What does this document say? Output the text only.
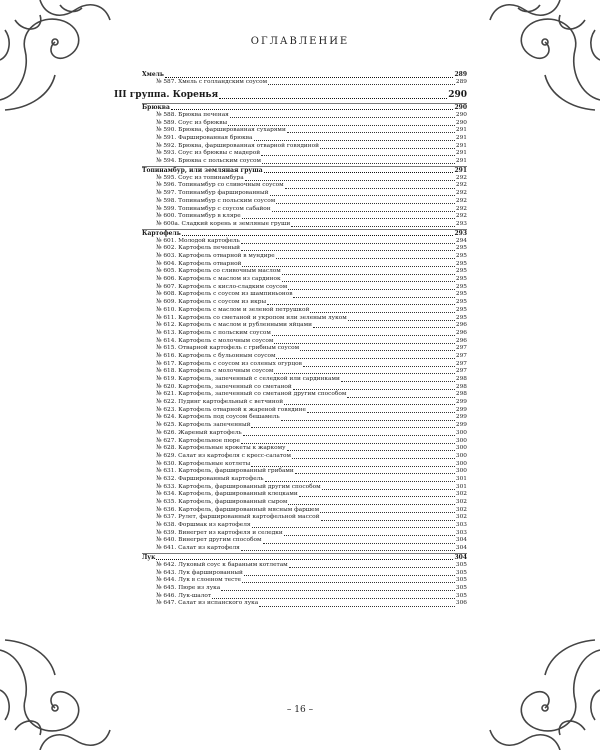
ОГЛАВЛЕНИЕ
Хмель	289
№ 587. Хмель с голландским соусом	289
III группа. Коренья	290
Брюква	290
№ 588. Брюква печеная	290
№ 589. Соус из брюквы	290
№ 590. Брюква, фаршированная сухарями	291
№ 591. Фаршированная брюква	291
№ 592. Брюква, фаршированная отварной говядиной	291
№ 593. Соус из брюквы с мадерой	291
№ 594. Брюква с польским соусом	291
Топинамбур, или земляная груша	291
№ 595. Соус из топинамбура	292
№ 596. Топинамбур со сливочным соусом	292
№ 597. Топинамбур фаршированный	292
№ 598. Топинамбур с польским соусом	292
№ 599. Топинамбур с соусом сабайон	292
№ 600. Топинамбур в кляре	292
№ 600а. Сладкий корень и земляные груши	293
Картофель	293
№ 601. Молодой картофель	294
№ 602. Картофель печеный	295
№ 603. Картофель отварной в мундире	295
№ 604. Картофель отварной	295
№ 605. Картофель со сливочным маслом	295
№ 606. Картофель с маслом из сардинок	295
№ 607. Картофель с кисло-сладким соусом	295
№ 608. Картофель с соусом из шампиньонов	295
№ 609. Картофель с соусом из икры	295
№ 610. Картофель с маслом и зеленой петрушкой	295
№ 611. Картофель со сметаной и укропом или зеленым луком	295
№ 612. Картофель с маслом и рубленными яйцами	296
№ 613. Картофель с польским соусом	296
№ 614. Картофель с молочным соусом	296
№ 615. Отварной картофель с грибным соусом	297
№ 616. Картофель с бульонным соусом	297
№ 617. Картофель с соусом из соленых огурцов	297
№ 618. Картофель с молочным соусом	297
№ 619. Картофель, запеченный с селедкой или сардинками	298
№ 620. Картофель, запеченный со сметаной	298
№ 621. Картофель, запеченный со сметаной другим способом	298
№ 622. Пудинг картофельный с ветчиной	299
№ 623. Картофель отварной к жареной говядине	299
№ 624. Картофель под соусом бешамель	299
№ 625. Картофель запеченный	299
№ 626. Жареный картофель	300
№ 627. Картофельное пюре	300
№ 628. Картофельные крокеты к жаркому	300
№ 629. Салат из картофеля с кресс-салатом	300
№ 630. Картофельные котлеты	300
№ 631. Картофель, фаршированный грибами	300
№ 632. Фаршированный картофель	301
№ 633. Картофель, фаршированный другим способом	301
№ 634. Картофель, фаршированный клецками	302
№ 635. Картофель, фаршированный сыром	302
№ 636. Картофель, фаршированный мясным фаршем	302
№ 637. Рулет, фаршированный картофельной массой	302
№ 638. Форшмак из картофеля	303
№ 639. Винегрет из картофеля и селедки	303
№ 640. Винегрет другим способом	304
№ 641. Салат из картофеля	304
Лук	304
№ 642. Луковый соус к бараньим котлетам	305
№ 643. Лук фаршированный	305
№ 644. Лук в слоеном тесте	305
№ 645. Пюре из лука	305
№ 646. Лук-шалот	305
№ 647. Салат из испанского лука	306
– 16 –
